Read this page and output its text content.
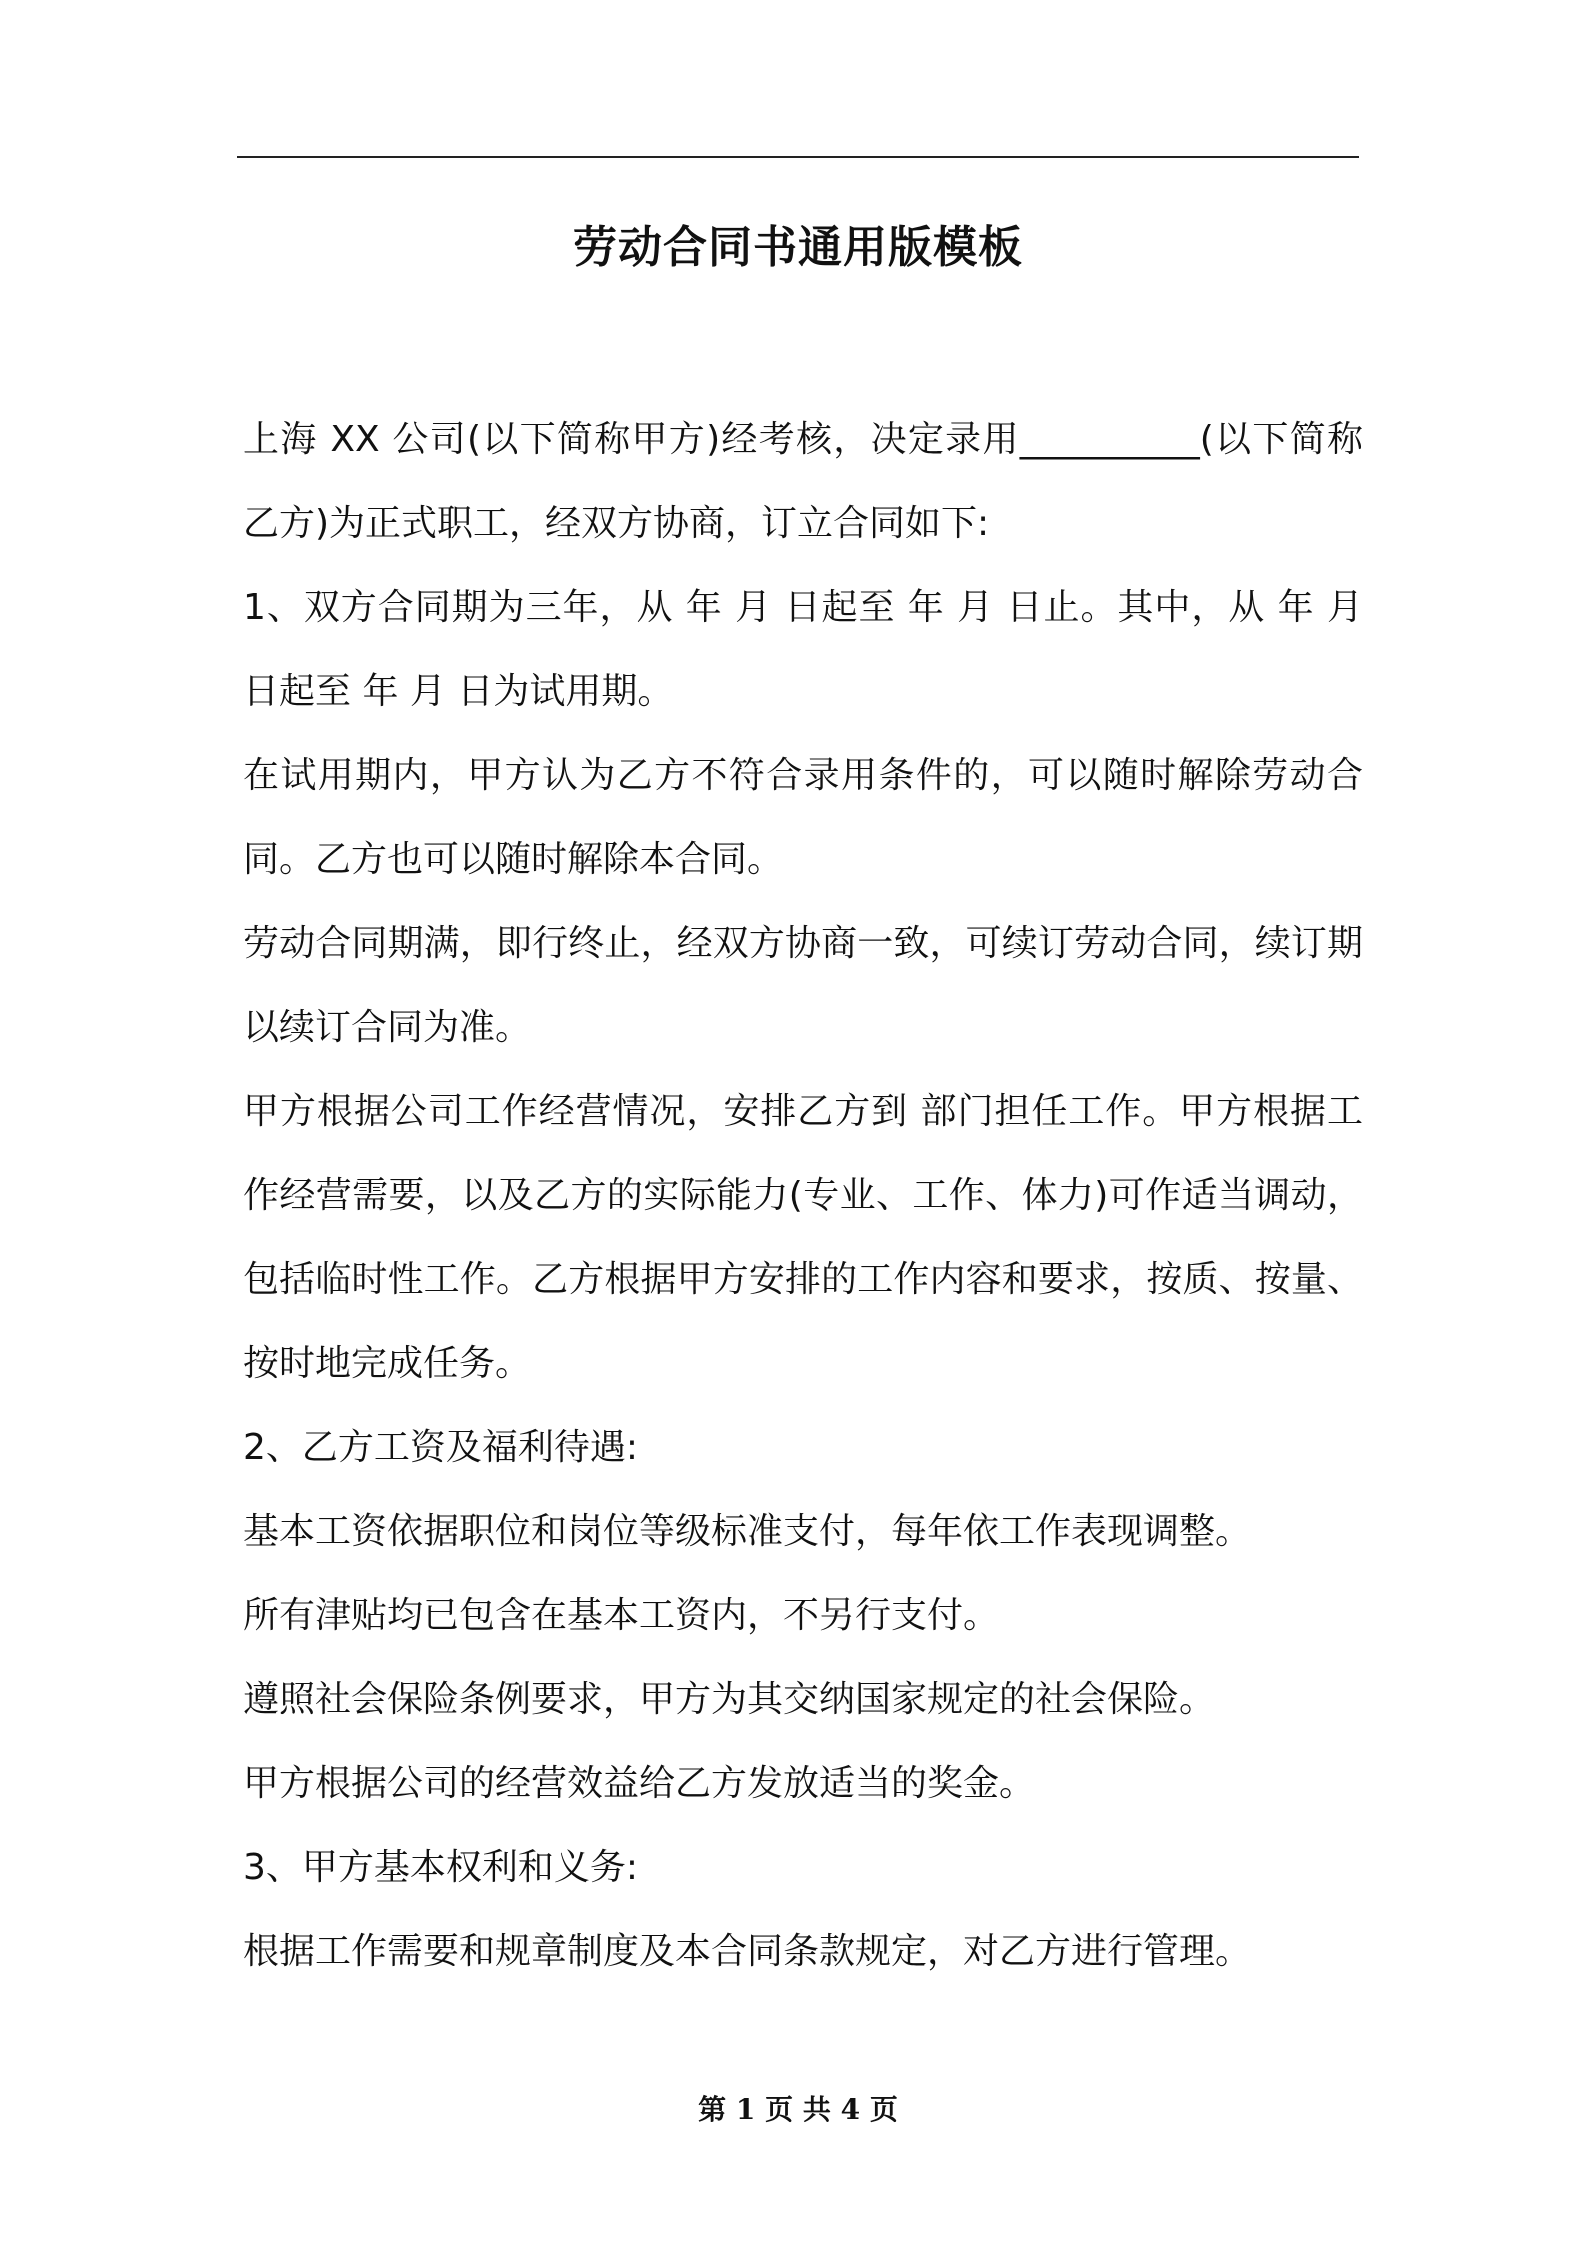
劳动合同书通用版模板

上海 XX 公司(以下简称甲方)经考核，决定录用__________(以下简称乙方)为正式职工，经双方协商，订立合同如下:

1、双方合同期为三年，从 年 月 日起至 年 月 日止。其中，从 年 月 日起至 年 月 日为试用期。

在试用期内，甲方认为乙方不符合录用条件的，可以随时解除劳动合同。乙方也可以随时解除本合同。

劳动合同期满，即行终止，经双方协商一致，可续订劳动合同，续订期以续订合同为准。

甲方根据公司工作经营情况，安排乙方到 部门担任工作。甲方根据工作经营需要，以及乙方的实际能力(专业、工作、体力)可作适当调动，包括临时性工作。乙方根据甲方安排的工作内容和要求，按质、按量、按时地完成任务。

2、乙方工资及福利待遇:

基本工资依据职位和岗位等级标准支付，每年依工作表现调整。

所有津贴均已包含在基本工资内，不另行支付。

遵照社会保险条例要求，甲方为其交纳国家规定的社会保险。

甲方根据公司的经营效益给乙方发放适当的奖金。

3、甲方基本权利和义务:

根据工作需要和规章制度及本合同条款规定，对乙方进行管理。

第 1 页 共 4 页
